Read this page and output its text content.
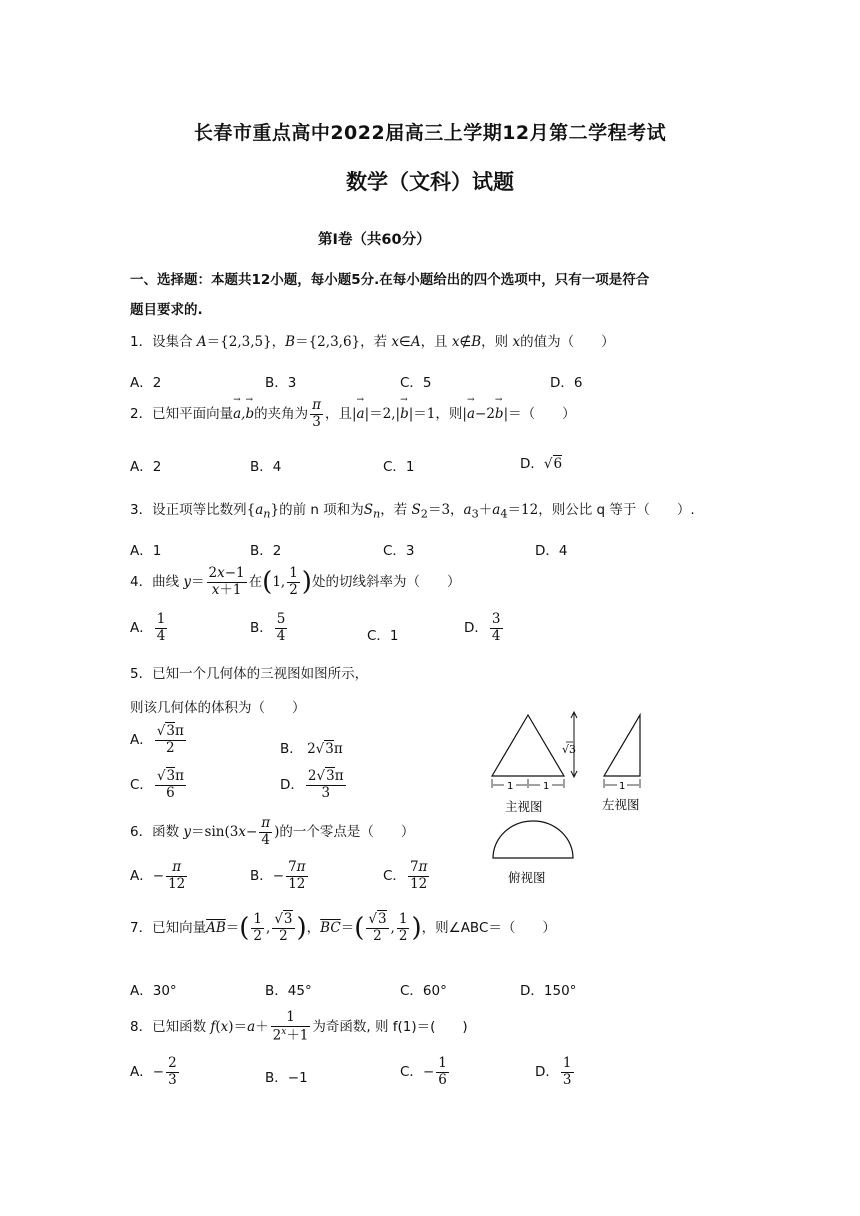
长春市重点高中2022届高三上学期12月第二学程考试
数学（文科）试题
第Ⅰ卷（共60分）
一、选择题：本题共12小题，每小题5分.在每小题给出的四个选项中，只有一项是符合
题目要求的.
1．设集合 A＝{2,3,5}，B＝{2,3,6}，若 x∈A，且 x∉B，则 x的值为（　　）
A．2	B．3	C．5	D．6
2．已知平面向量→ a,→ b的夹角为 $\frac{\pi}{3}$ ，且|→ a|＝2,|→ b|＝1，则|→ a−2→ b|＝（　　）
A．2	B．4	C．1	D．√6
3．设正项等比数列$\{a_n\}$的前 n 项和为$S_n$，若 $S_2=3$，$a_3+a_4=12$，则公比 q 等于（　　）.
A．1	B．2	C．3	D．4
4．曲线 $y= \frac{2x-1}{x+1}$ 在(1, $\frac{1}{2}$ )处的切线斜率为（　　）
A． $\frac{1}{4}$	B． $\frac{5}{4}$	C．1	D． $\frac{3}{4}$
5．已知一个几何体的三视图如图所示，
则该几何体的体积为（　　）
A． $\frac{√3\pi}{2}$	B． 2√3π
C． $\frac{√3\pi}{6}$	D． $\frac{2√3\pi}{3}$
√3
1	1	1
主视图	左视图
俯视图
6．函数 $y=\sin(3x- \frac{\pi}{4}$ )的一个零点是（　　）
A．− $\frac{\pi}{12}$	B．− $\frac{7\pi}{12}$	C． $\frac{7\pi}{12}$
7．已知向量$\overline{AB}=( \frac{1}{2}$ , $\frac{√3}{2}$ )，$\overline{BC}=( \frac{√3}{2}$ , $\frac{1}{2}$ )，则∠ABC＝（　　）
A．30°	B．45°	C．60°	D．150°
8．已知函数 $f(x)=a+ \frac{1}{2^x+1}$ 为奇函数, 则 f(1)＝(　　)
A．− $\frac{2}{3}$	B．−1	C．− $\frac{1}{6}$	D． $\frac{1}{3}$
